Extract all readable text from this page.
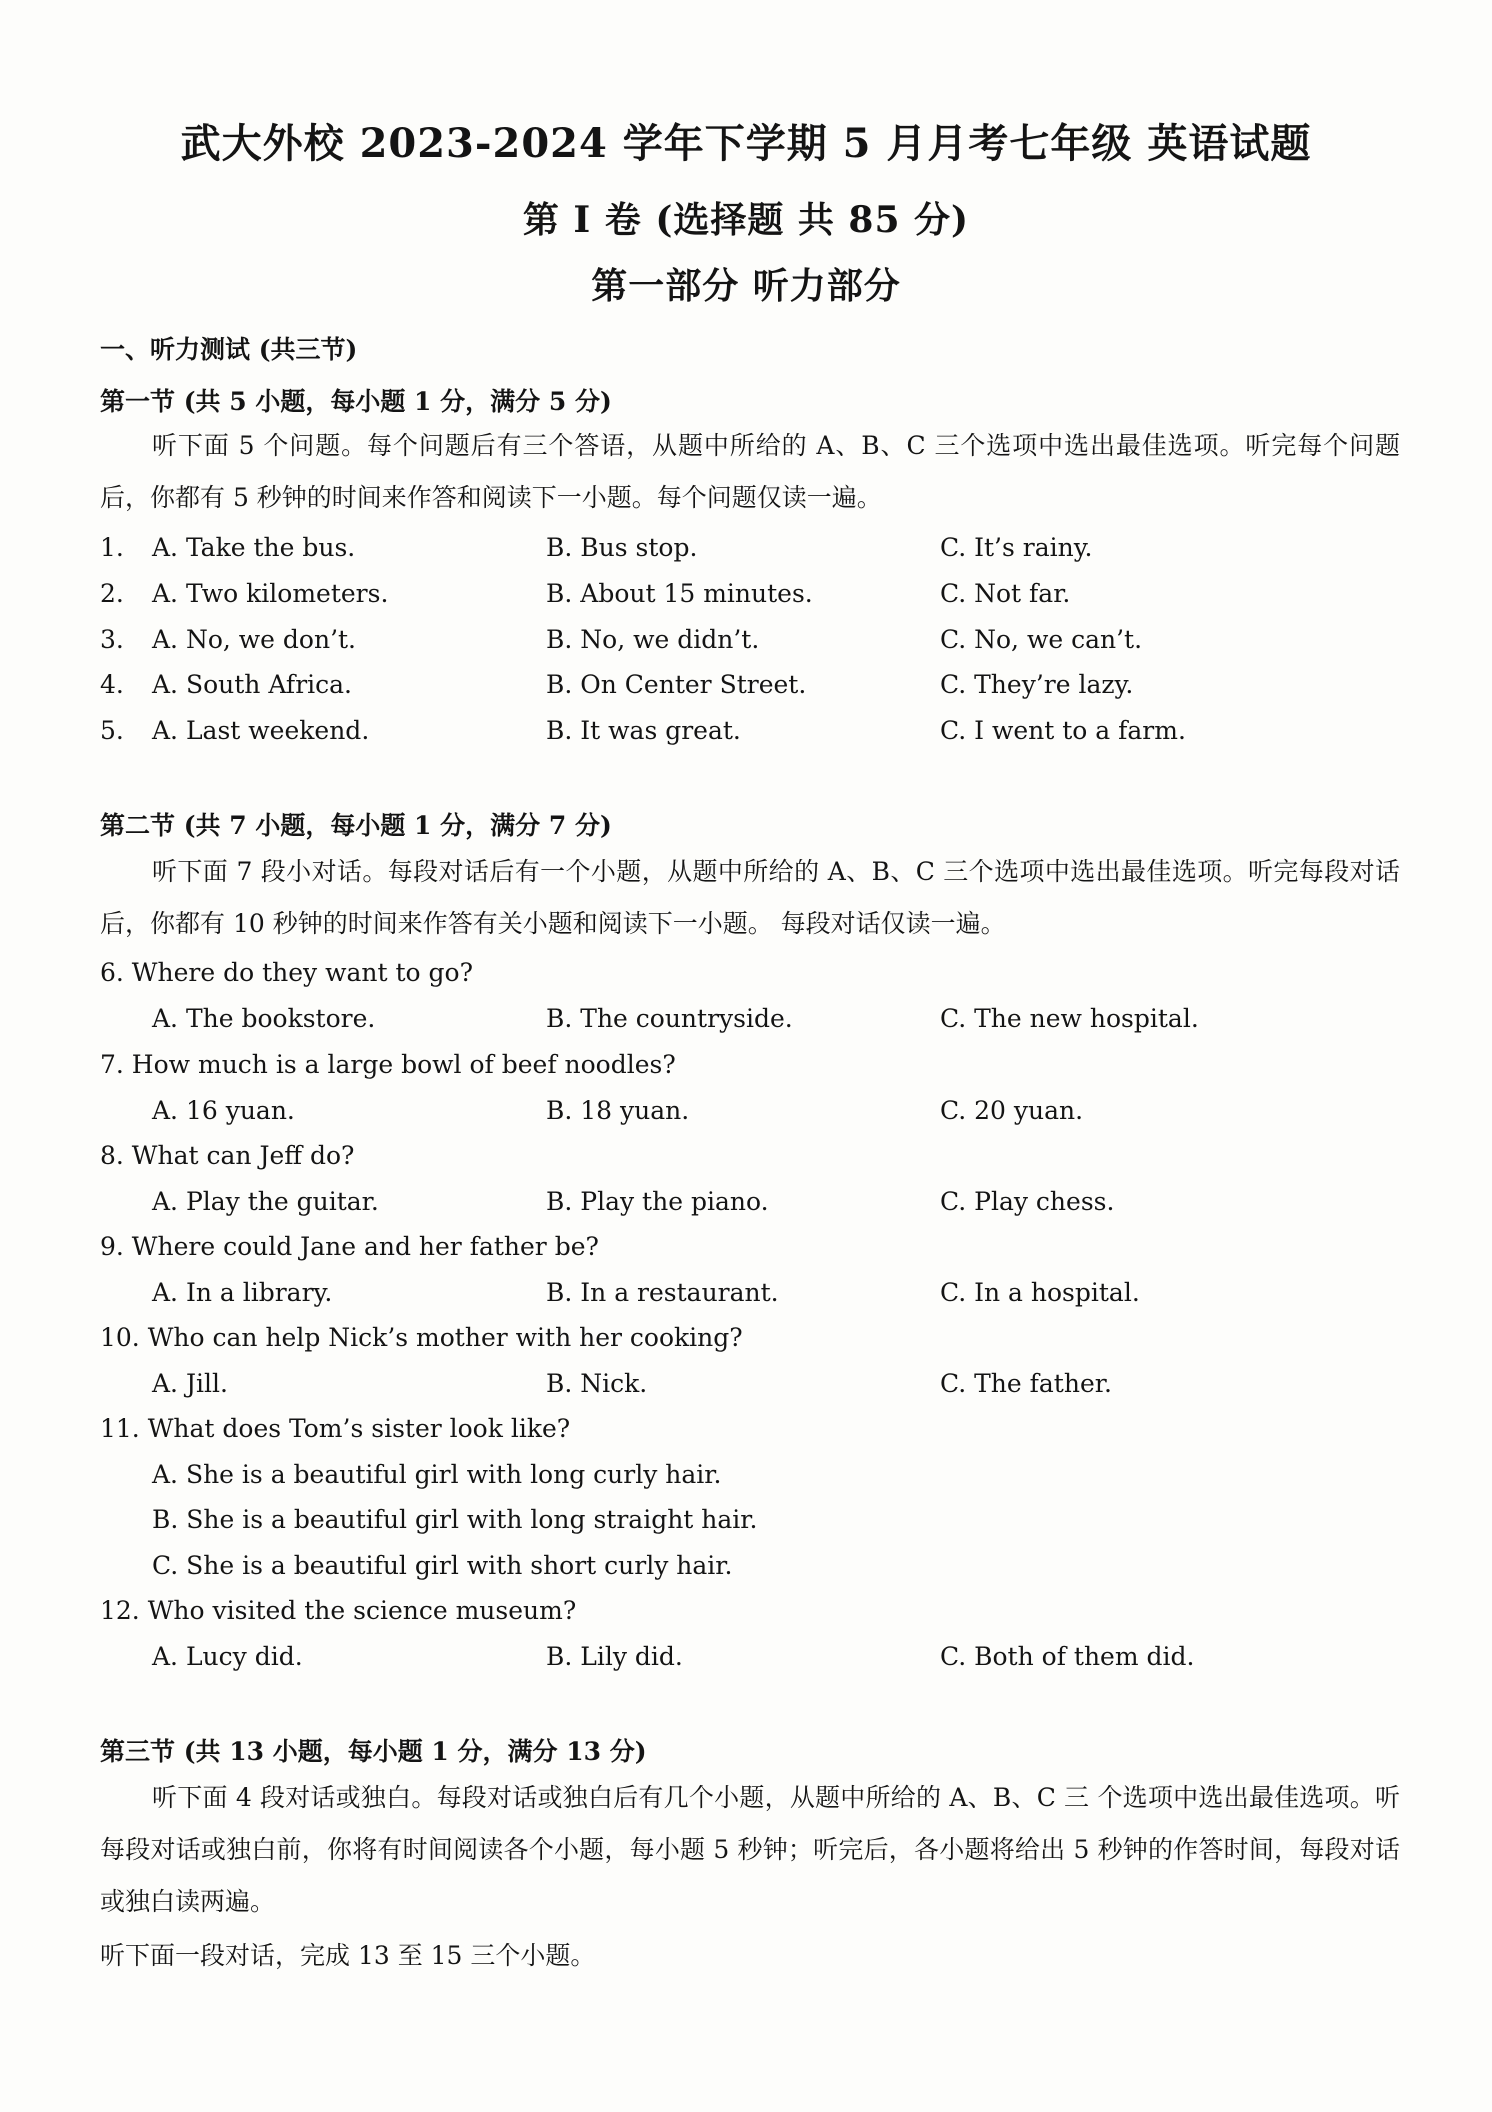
武大外校 2023-2024 学年下学期 5 月月考七年级 英语试题
第 I 卷 (选择题 共 85 分)
第一部分 听力部分
一、听力测试 (共三节)
第一节 (共 5 小题，每小题 1 分，满分 5 分)
听下面 5 个问题。每个问题后有三个答语，从题中所给的 A、B、C 三个选项中选出最佳选项。听完每个问题后，你都有 5 秒钟的时间来作答和阅读下一小题。每个问题仅读一遍。
1. A. Take the bus.	B. Bus stop.	C. It’s rainy.
2. A. Two kilometers.	B. About 15 minutes.	C. Not far.
3. A. No, we don’t.	B. No, we didn’t.	C. No, we can’t.
4. A. South Africa.	B. On Center Street.	C. They’re lazy.
5. A. Last weekend.	B. It was great.	C. I went to a farm.
第二节 (共 7 小题，每小题 1 分，满分 7 分)
听下面 7 段小对话。每段对话后有一个小题，从题中所给的 A、B、C 三个选项中选出最佳选项。听完每段对话后，你都有 10 秒钟的时间来作答有关小题和阅读下一小题。 每段对话仅读一遍。
6. Where do they want to go?
A. The bookstore.	B. The countryside.	C. The new hospital.
7. How much is a large bowl of beef noodles?
A. 16 yuan.	B. 18 yuan.	C. 20 yuan.
8. What can Jeff do?
A. Play the guitar.	B. Play the piano.	C. Play chess.
9. Where could Jane and her father be?
A. In a library.	B. In a restaurant.	C. In a hospital.
10. Who can help Nick’s mother with her cooking?
A. Jill.	B. Nick.	C. The father.
11. What does Tom’s sister look like?
A. She is a beautiful girl with long curly hair.
B. She is a beautiful girl with long straight hair.
C. She is a beautiful girl with short curly hair.
12. Who visited the science museum?
A. Lucy did.	B. Lily did.	C. Both of them did.
第三节 (共 13 小题，每小题 1 分，满分 13 分)
听下面 4 段对话或独白。每段对话或独白后有几个小题，从题中所给的 A、B、C 三 个选项中选出最佳选项。听每段对话或独白前，你将有时间阅读各个小题，每小题 5 秒钟；听完后，各小题将给出 5 秒钟的作答时间，每段对话或独白读两遍。
听下面一段对话，完成 13 至 15 三个小题。
